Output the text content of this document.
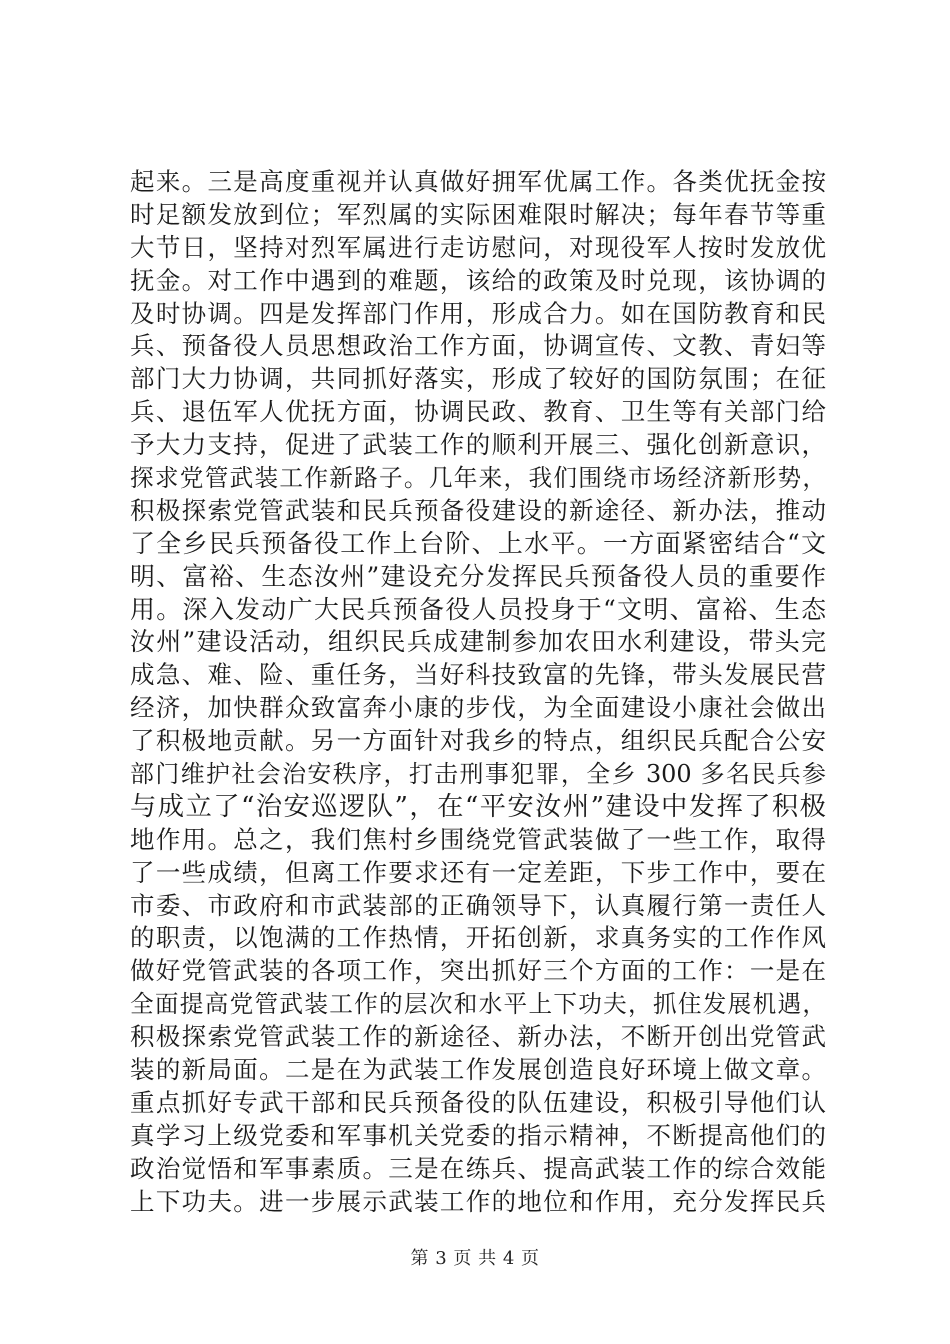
起来。三是高度重视并认真做好拥军优属工作。各类优抚金按
时足额发放到位；军烈属的实际困难限时解决；每年春节等重
大节日，坚持对烈军属进行走访慰问，对现役军人按时发放优
抚金。对工作中遇到的难题，该给的政策及时兑现，该协调的
及时协调。四是发挥部门作用，形成合力。如在国防教育和民
兵、预备役人员思想政治工作方面，协调宣传、文教、青妇等
部门大力协调，共同抓好落实，形成了较好的国防氛围；在征
兵、退伍军人优抚方面，协调民政、教育、卫生等有关部门给
予大力支持，促进了武装工作的顺利开展三、强化创新意识，
探求党管武装工作新路子。几年来，我们围绕市场经济新形势，
积极探索党管武装和民兵预备役建设的新途径、新办法，推动
了全乡民兵预备役工作上台阶、上水平。一方面紧密结合“文
明、富裕、生态汝州”建设充分发挥民兵预备役人员的重要作
用。深入发动广大民兵预备役人员投身于“文明、富裕、生态
汝州”建设活动，组织民兵成建制参加农田水利建设，带头完
成急、难、险、重任务，当好科技致富的先锋，带头发展民营
经济，加快群众致富奔小康的步伐，为全面建设小康社会做出
了积极地贡献。另一方面针对我乡的特点，组织民兵配合公安
部门维护社会治安秩序，打击刑事犯罪，全乡 300 多名民兵参
与成立了“治安巡逻队”，在“平安汝州”建设中发挥了积极
地作用。总之，我们焦村乡围绕党管武装做了一些工作，取得
了一些成绩，但离工作要求还有一定差距，下步工作中，要在
市委、市政府和市武装部的正确领导下，认真履行第一责任人
的职责，以饱满的工作热情，开拓创新，求真务实的工作作风
做好党管武装的各项工作，突出抓好三个方面的工作：一是在
全面提高党管武装工作的层次和水平上下功夫，抓住发展机遇，
积极探索党管武装工作的新途径、新办法，不断开创出党管武
装的新局面。二是在为武装工作发展创造良好环境上做文章。
重点抓好专武干部和民兵预备役的队伍建设，积极引导他们认
真学习上级党委和军事机关党委的指示精神，不断提高他们的
政治觉悟和军事素质。三是在练兵、提高武装工作的综合效能
上下功夫。进一步展示武装工作的地位和作用，充分发挥民兵
第 3 页 共 4 页
